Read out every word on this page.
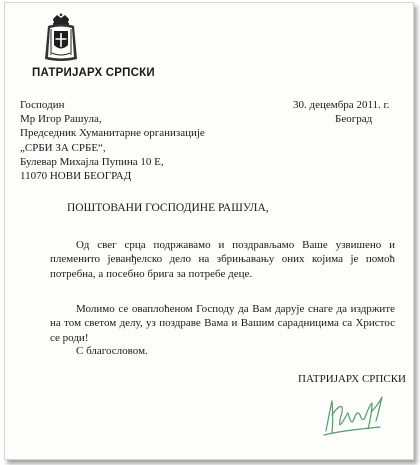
ПАТРИЈАРХ СРПСКИ
Господин
Мр Игор Рашула,
Председник Хуманитарне организације
„СРБИ ЗА СРБЕ“,
Булевар Михајла Пупина 10 Е,
11070 НОВИ БЕОГРАД
30. децембра 2011. г.
Београд
ПОШТОВАНИ ГОСПОДИНЕ РАШУЛА,
Од свег срца подржавамо и поздрављамо Ваше узвишено и племенито јеванђелско дело на збрињавању оних којима је помоћ потребна, а посебно брига за потребе деце.
Молимо се оваплоћеном Господу да Вам дарује снаге да издржите на том светом делу, уз поздраве Вама и Вашим сарадницима са Христос се роди!
С благословом.
ПАТРИЈАРХ СРПСКИ
